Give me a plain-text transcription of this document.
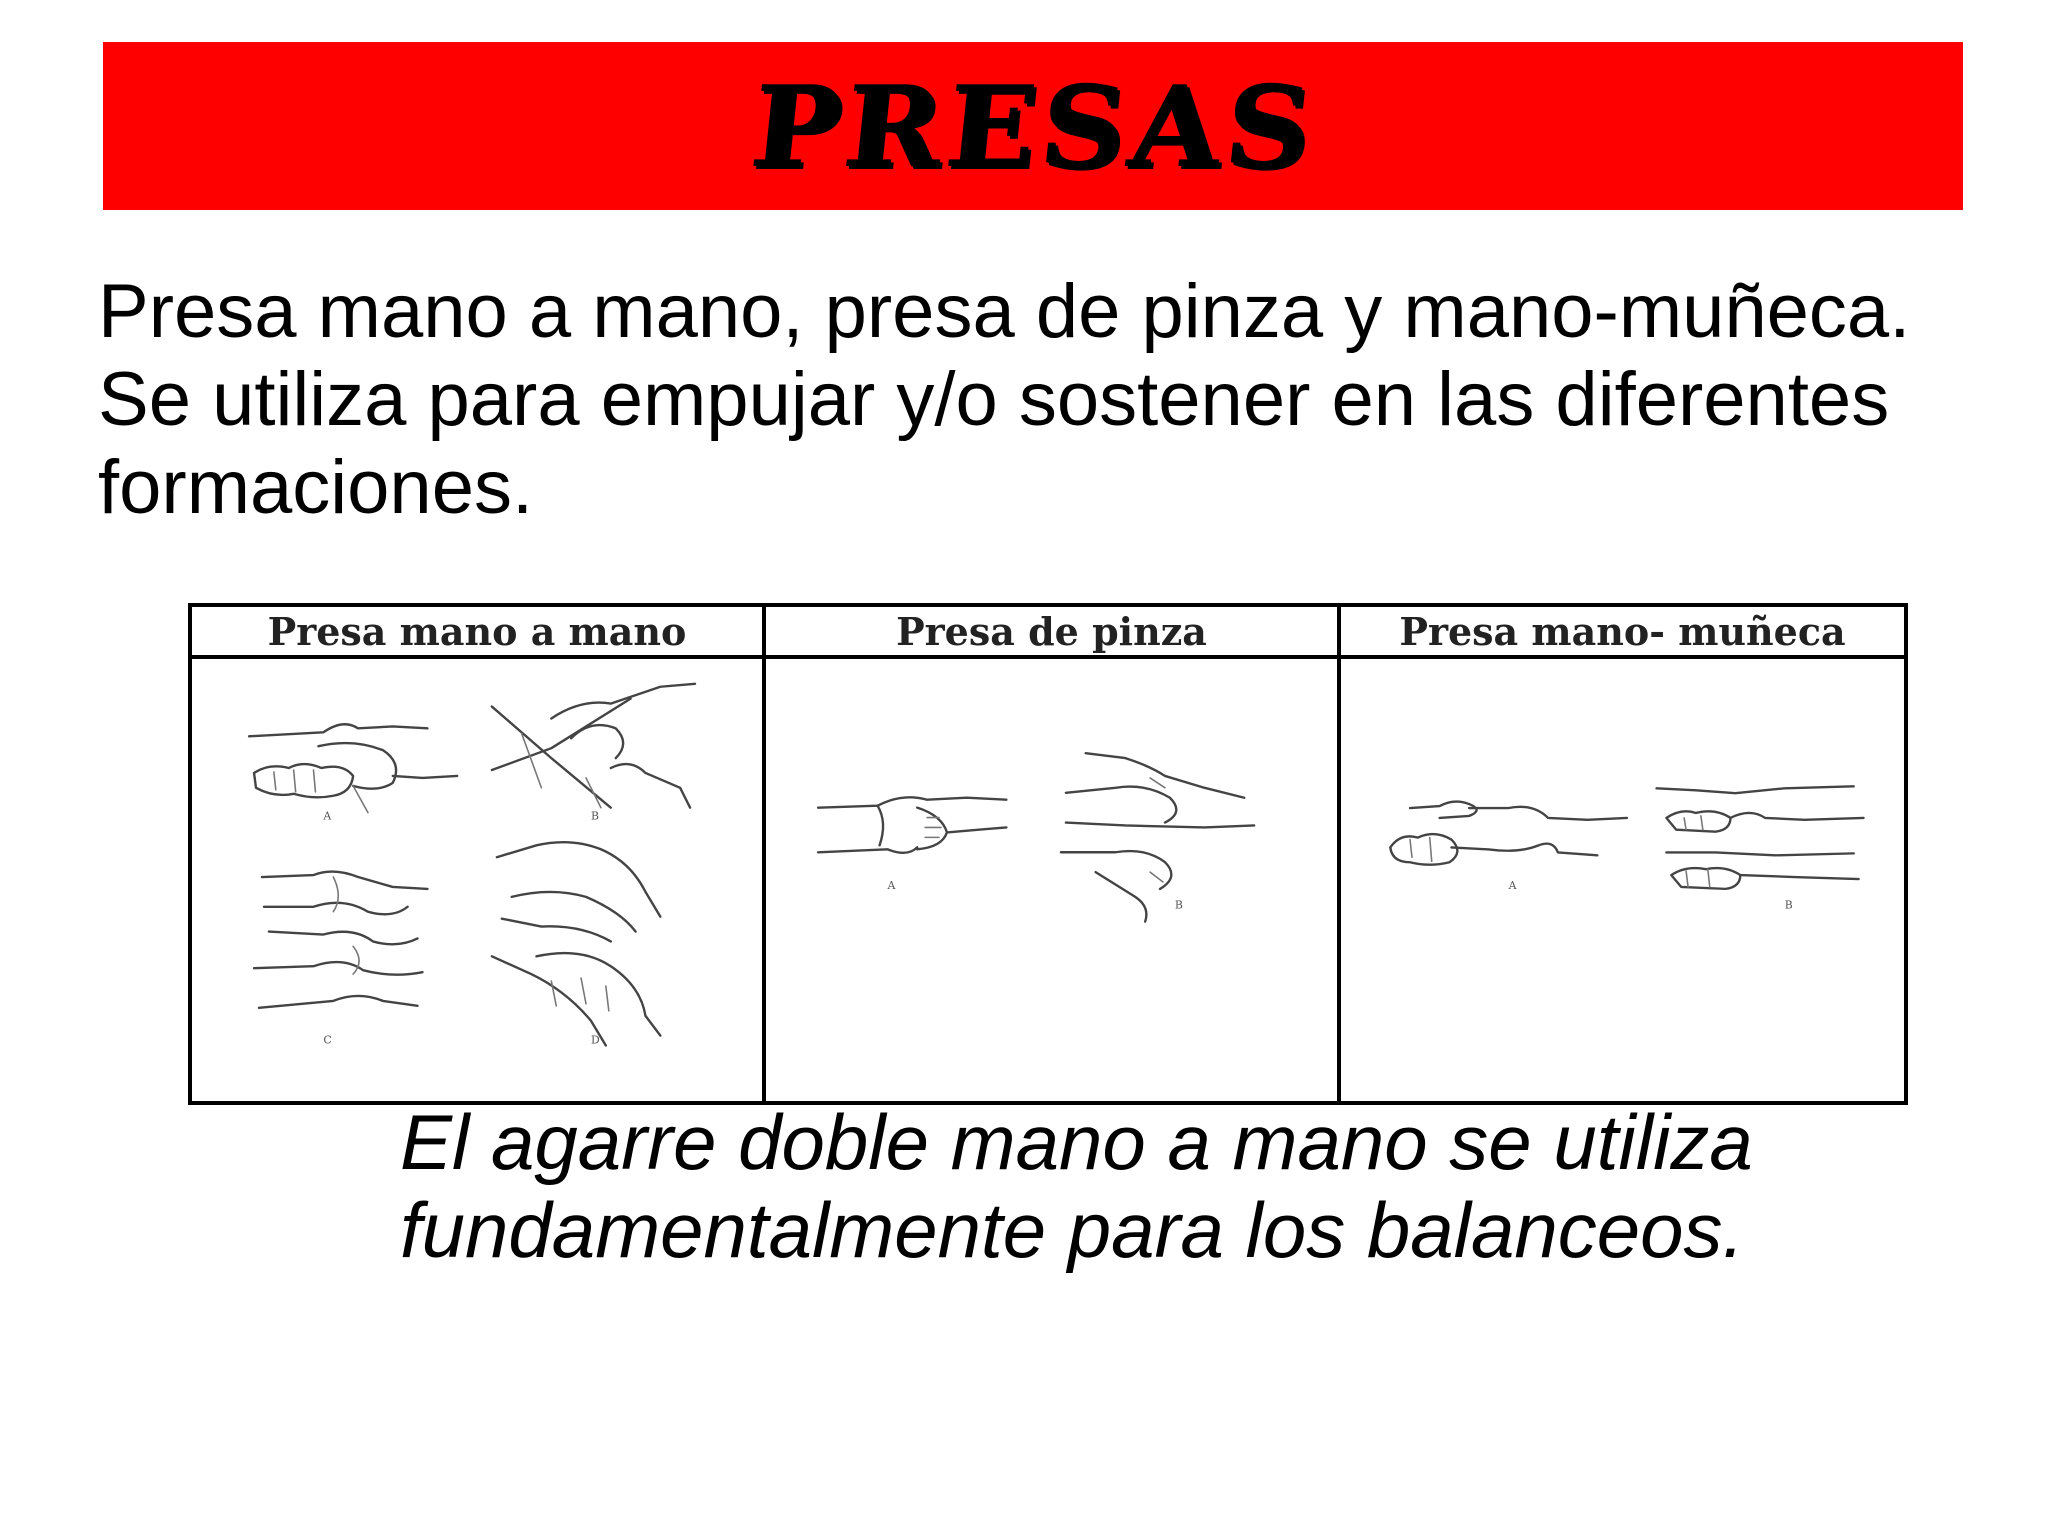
PRESAS
Presa mano a mano, presa de pinza y mano-muñeca.
Se utiliza para empujar y/o sostener en las diferentes
formaciones.
Presa mano a mano	Presa de pinza	Presa mano- muñeca
A	B
C	D
A
B
A
B
El agarre doble mano a mano se utiliza
fundamentalmente para los balanceos.
